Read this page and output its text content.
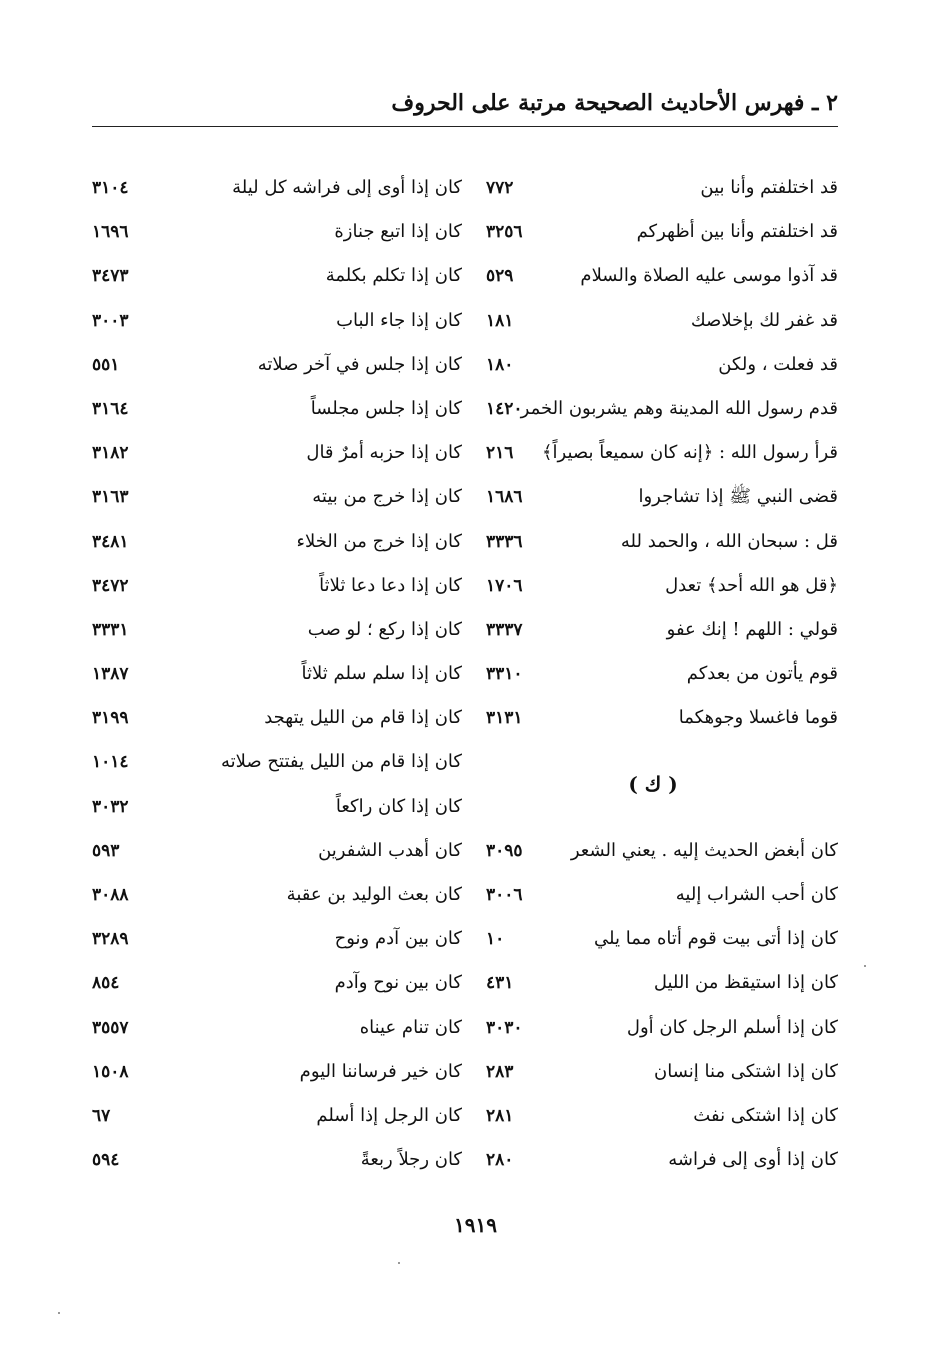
٢ ـ فهرس الأحاديث الصحيحة مرتبة على الحروف
قد اختلفتم وأنا بين
٧٧٢
قد اختلفتم وأنا بين أظهركم
٣٢٥٦
قد آذوا موسى عليه الصلاة والسلام
٥٢٩
قد غفر لك بإخلاصك
١٨١
قد فعلت ، ولكن
١٨٠
قدم رسول الله المدينة وهم يشربون الخمر
١٤٢٠
قرأ رسول الله : ﴿إنه كان سميعاً بصيراً﴾
٢١٦
قضى النبي ﷺ إذا تشاجروا
١٦٨٦
قل : سبحان الله ، والحمد لله
٣٣٣٦
﴿قل هو الله أحد﴾ تعدل
١٧٠٦
قولي : اللهم ! إنك عفو
٣٣٣٧
قوم يأتون من بعدكم
٣٣١٠
قوما فاغسلا وجوهكما
٣١٣١
( ك )
كان أبغض الحديث إليه . يعني الشعر
٣٠٩٥
كان أحب الشراب إليه
٣٠٠٦
كان إذا أتى بيت قوم أتاه مما يلي
١٠
كان إذا استيقظ من الليل
٤٣١
كان إذا أسلم الرجل كان أول
٣٠٣٠
كان إذا اشتكى منا إنسان
٢٨٣
كان إذا اشتكى نفث
٢٨١
كان إذا أوى إلى فراشه
٢٨٠
كان إذا أوى إلى فراشه كل ليلة
٣١٠٤
كان إذا اتبع جنازة
١٦٩٦
كان إذا تكلم بكلمة
٣٤٧٣
كان إذا جاء الباب
٣٠٠٣
كان إذا جلس في آخر صلاته
٥٥١
كان إذا جلس مجلساً
٣١٦٤
كان إذا حزبه أمرٌ قال
٣١٨٢
كان إذا خرج من بيته
٣١٦٣
كان إذا خرج من الخلاء
٣٤٨١
كان إذا دعا دعا ثلاثاً
٣٤٧٢
كان إذا ركع ؛ لو صب
٣٣٣١
كان إذا سلم سلم ثلاثاً
١٣٨٧
كان إذا قام من الليل يتهجد
٣١٩٩
كان إذا قام من الليل يفتتح صلاته
١٠١٤
كان إذا كان راكعاً
٣٠٣٢
كان أهدب الشفرين
٥٩٣
كان بعث الوليد بن عقبة
٣٠٨٨
كان بين آدم ونوح
٣٢٨٩
كان بين نوح وآدم
٨٥٤
كان تنام عيناه
٣٥٥٧
كان خير فرساننا اليوم
١٥٠٨
كان الرجل إذا أسلم
٦٧
كان رجلاً ربعةً
٥٩٤
١٩١٩
